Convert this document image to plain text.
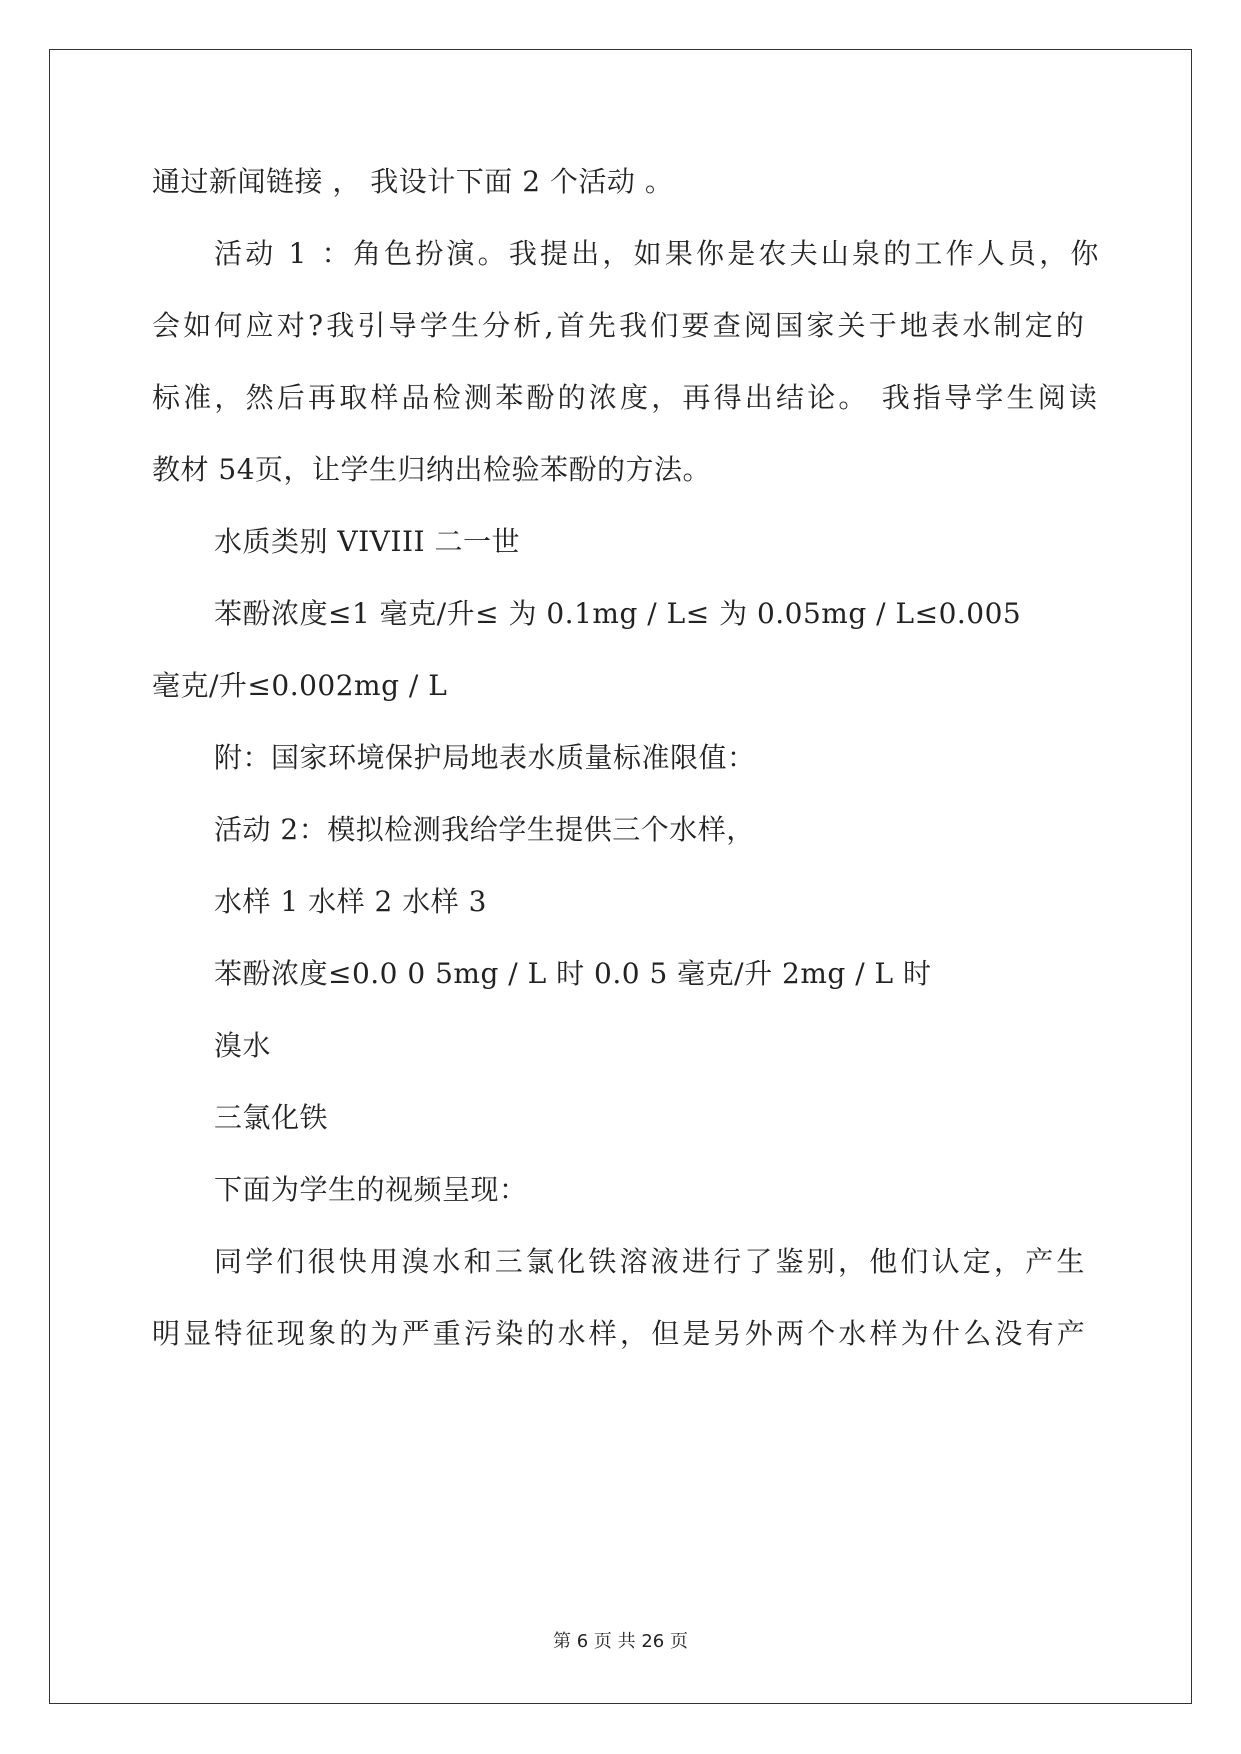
通过新闻链接 ， 我设计下面 2 个活动 。
活动 1 ：角色扮演。我提出，如果你是农夫山泉的工作人员，你
会如何应对?我引导学生分析,首先我们要查阅国家关于地表水制定的
标准，然后再取样品检测苯酚的浓度，再得出结论。 我指导学生阅读
教材 54页，让学生归纳出检验苯酚的方法。
水质类别 VIVIII 二一世
苯酚浓度≤1 毫克/升≤ 为 0.1mg / L≤ 为 0.05mg / L≤0.005
毫克/升≤0.002mg / L
附：国家环境保护局地表水质量标准限值：
活动 2：模拟检测我给学生提供三个水样，
水样 1 水样 2 水样 3
苯酚浓度≤0.0 0 5mg / L 时 0.0 5 毫克/升 2mg / L 时
溴水
三氯化铁
下面为学生的视频呈现：
同学们很快用溴水和三氯化铁溶液进行了鉴别，他们认定，产生
明显特征现象的为严重污染的水样，但是另外两个水样为什么没有产
第 6 页 共 26 页
